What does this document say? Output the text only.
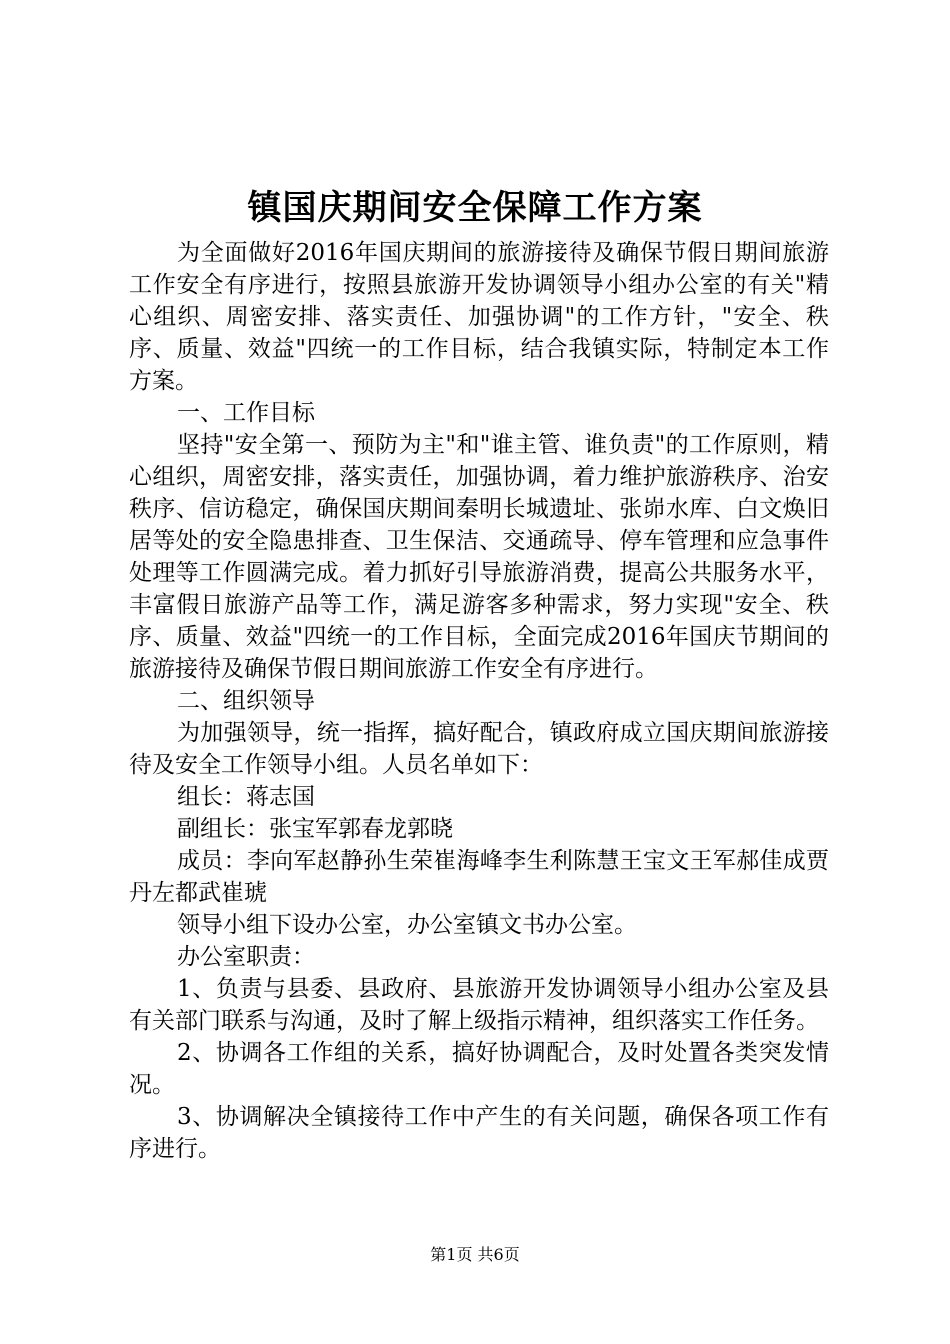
镇国庆期间安全保障工作方案

为全面做好2016年国庆期间的旅游接待及确保节假日期间旅游工作安全有序进行，按照县旅游开发协调领导小组办公室的有关"精心组织、周密安排、落实责任、加强协调"的工作方针，"安全、秩序、质量、效益"四统一的工作目标，结合我镇实际，特制定本工作方案。

一、工作目标

坚持"安全第一、预防为主"和"谁主管、谁负责"的工作原则，精心组织，周密安排，落实责任，加强协调，着力维护旅游秩序、治安秩序、信访稳定，确保国庆期间秦明长城遗址、张峁水库、白文焕旧居等处的安全隐患排查、卫生保洁、交通疏导、停车管理和应急事件处理等工作圆满完成。着力抓好引导旅游消费，提高公共服务水平，丰富假日旅游产品等工作，满足游客多种需求，努力实现"安全、秩序、质量、效益"四统一的工作目标，全面完成2016年国庆节期间的旅游接待及确保节假日期间旅游工作安全有序进行。

二、组织领导

为加强领导，统一指挥，搞好配合，镇政府成立国庆期间旅游接待及安全工作领导小组。人员名单如下：

组长：蒋志国

副组长：张宝军郭春龙郭晓

成员：李向军赵静孙生荣崔海峰李生利陈慧王宝文王军郝佳成贾丹左都武崔琥

领导小组下设办公室，办公室镇文书办公室。

办公室职责：

1、负责与县委、县政府、县旅游开发协调领导小组办公室及县有关部门联系与沟通，及时了解上级指示精神，组织落实工作任务。

2、协调各工作组的关系，搞好协调配合，及时处置各类突发情况。

3、协调解决全镇接待工作中产生的有关问题，确保各项工作有序进行。

第1页 共6页
